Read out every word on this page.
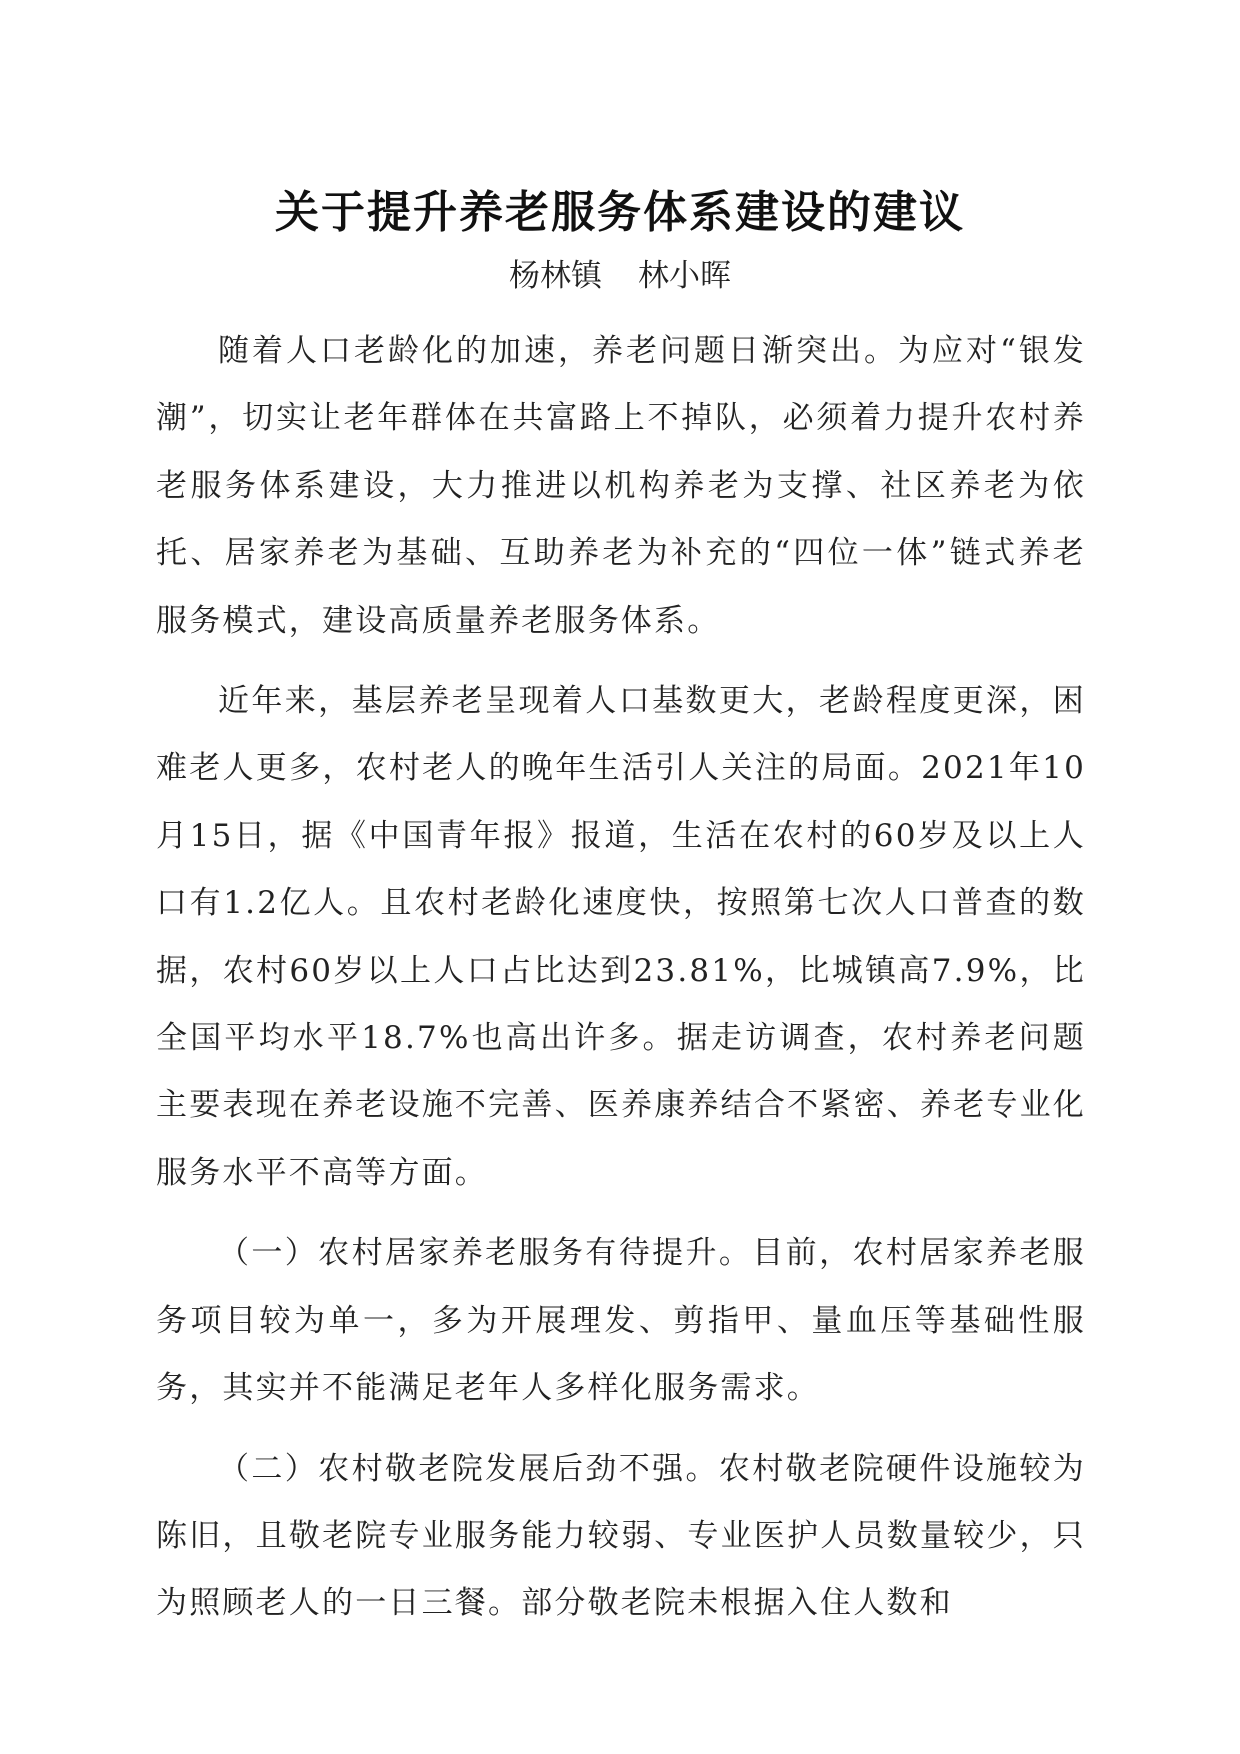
关于提升养老服务体系建设的建议
杨林镇 林小晖

随着人口老龄化的加速，养老问题日渐突出。为应对“银发潮”，切实让老年群体在共富路上不掉队，必须着力提升农村养老服务体系建设，大力推进以机构养老为支撑、社区养老为依托、居家养老为基础、互助养老为补充的“四位一体”链式养老服务模式，建设高质量养老服务体系。

近年来，基层养老呈现着人口基数更大，老龄程度更深，困难老人更多，农村老人的晚年生活引人关注的局面。2021年10月15日，据《中国青年报》报道，生活在农村的60岁及以上人口有1.2亿人。且农村老龄化速度快，按照第七次人口普查的数据，农村60岁以上人口占比达到23.81%，比城镇高7.9%，比全国平均水平18.7%也高出许多。据走访调查，农村养老问题主要表现在养老设施不完善、医养康养结合不紧密、养老专业化服务水平不高等方面。

（一）农村居家养老服务有待提升。目前，农村居家养老服务项目较为单一，多为开展理发、剪指甲、量血压等基础性服务，其实并不能满足老年人多样化服务需求。

（二）农村敬老院发展后劲不强。农村敬老院硬件设施较为陈旧，且敬老院专业服务能力较弱、专业医护人员数量较少，只为照顾老人的一日三餐。部分敬老院未根据入住人数和
